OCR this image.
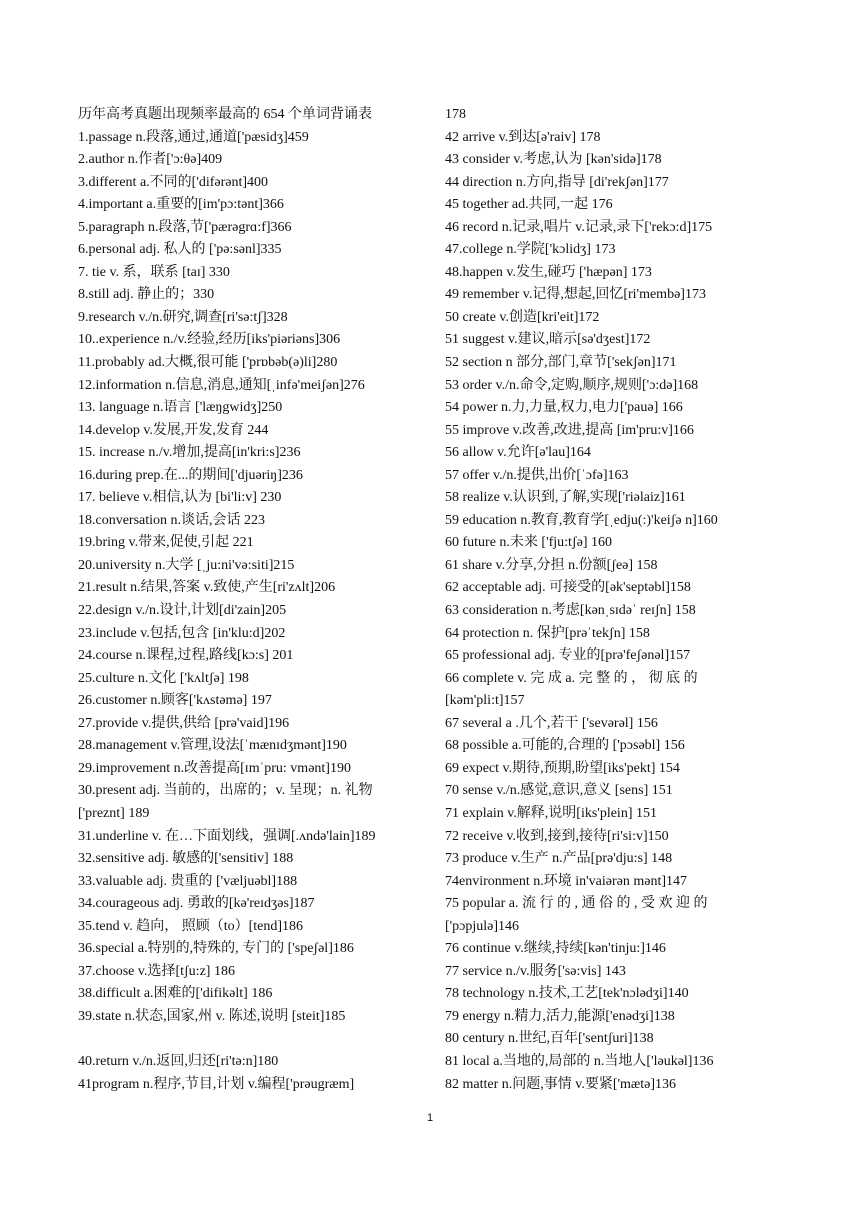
历年高考真题出现频率最高的 654 个单词背诵表
1.passage n.段落,通过,通道['pæsidʒ]459
2.author n.作者['ɔ:θə]409
3.different a.不同的['difərənt]400
4.important a.重要的[im'pɔ:tənt]366
5.paragraph n.段落,节['pærəgrɑ:f]366
6.personal adj. 私人的 ['pə:sənl]335
7. tie v. 系，联系 [taɪ] 330
8.still adj. 静止的；330
9.research v./n.研究,调查[ri'sə:tʃ]328
10..experience n./v.经验,经历[iks'piəriəns]306
11.probably ad.大概,很可能 ['prɒbəb(ə)li]280
12.information n.信息,消息,通知[ˌinfə'meiʃən]276
13. language n.语言 ['læŋgwidʒ]250
14.develop v.发展,开发,发育 244
15. increase n./v.增加,提高[in'kri:s]236
16.during prep.在...的期间['djuəriŋ]236
17. believe v.相信,认为 [bi'li:v] 230
18.conversation n.谈话,会话 223
19.bring v.带来,促使,引起 221
20.university n.大学 [ˌju:ni'və:siti]215
21.result n.结果,答案 v.致使,产生[ri'zʌlt]206
22.design v./n.设计,计划[di'zain]205
23.include v.包括,包含 [in'klu:d]202
24.course n.课程,过程,路线[kɔ:s] 201
25.culture n.文化 ['kʌltʃə] 198
26.customer n.顾客['kʌstəmə] 197
27.provide v.提供,供给 [prə'vaid]196
28.management v.管理,设法[ˈmænɪdʒmənt]190
29.improvement n.改善提高[ɪmˈpru: vmənt]190
30.present adj. 当前的，出席的；v. 呈现；n. 礼物
['preznt] 189
31.underline v. 在…下面划线，强调[.ʌndə'lain]189
32.sensitive adj. 敏感的['sensitiv] 188
33.valuable adj. 贵重的 ['væljuəbl]188
34.courageous adj. 勇敢的[kə'reɪdʒəs]187
35.tend v. 趋向， 照顾（to）[tend]186
36.special a.特别的,特殊的, 专门的 ['speʃəl]186
37.choose v.选择[tʃu:z] 186
38.difficult a.困难的['difikəlt] 186
39.state n.状态,国家,州 v. 陈述,说明 [steit]185
40.return v./n.返回,归还[ri'tə:n]180
41program n.程序,节目,计划 v.编程['prəugræm]
178
42 arrive v.到达[ə'raiv] 178
43 consider v.考虑,认为 [kən'sidə]178
44 direction n.方向,指导 [di'rekʃən]177
45 together ad.共同,一起 176
46 record n.记录,唱片 v.记录,录下['rekɔ:d]175
47.college n.学院['kɔlidʒ] 173
48.happen v.发生,碰巧 ['hæpən] 173
49 remember v.记得,想起,回忆[ri'membə]173
50 create v.创造[kri'eit]172
51 suggest v.建议,暗示[sə'dʒest]172
52 section n 部分,部门,章节['sekʃən]171
53 order v./n.命令,定购,顺序,规则['ɔ:də]168
54 power n.力,力量,权力,电力['pauə] 166
55 improve v.改善,改进,提高 [im'pru:v]166
56 allow v.允许[ə'lau]164
57 offer v./n.提供,出价[ˈɔfə]163
58 realize v.认识到,了解,实现['riəlaiz]161
59 education n.教育,教育学[ˌedju(:)'keiʃə n]160
60 future n.未来 ['fju:tʃə] 160
61 share v.分享,分担 n.份额[ʃeə] 158
62 acceptable adj. 可接受的[ək'septəbl]158
63 consideration n.考虑[kənˌsɪdəˈ reɪʃn] 158
64 protection n. 保护[prəˈtekʃn] 158
65 professional adj. 专业的[prə'feʃənəl]157
66 complete v. 完 成 a. 完 整 的 ， 彻 底 的
[kəm'pli:t]157
67 several a .几个,若干 ['sevərəl] 156
68 possible a.可能的,合理的 ['pɔsəbl] 156
69 expect v.期待,预期,盼望[iks'pekt] 154
70 sense v./n.感觉,意识,意义 [sens] 151
71 explain v.解释,说明[iks'plein] 151
72 receive v.收到,接到,接待[ri'si:v]150
73 produce v.生产 n.产品[prə'dju:s] 148
74environment n.环境 in'vaiərən mənt]147
75 popular a. 流 行 的 , 通 俗 的 , 受 欢 迎 的
['pɔpjulə]146
76 continue v.继续,持续[kən'tinju:]146
77 service n./v.服务['sə:vis] 143
78 technology n.技术,工艺[tek'nɔlədʒi]140
79 energy n.精力,活力,能源['enədʒi]138
80 century n.世纪,百年['sentʃuri]138
81 local a.当地的,局部的 n.当地人['ləukəl]136
82 matter n.问题,事情 v.要紧['mætə]136
1
